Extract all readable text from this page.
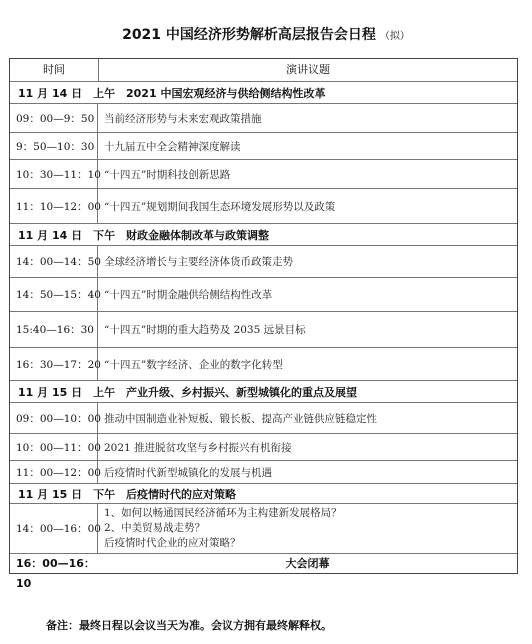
2021 中国经济形势解析高层报告会日程 （拟）
时间	演讲议题
11 月 14 日　上午 2021 中国宏观经济与供给侧结构性改革
09：00—9：50 当前经济形势与未来宏观政策措施
9：50—10：30 十九届五中全会精神深度解读
10：30—11：10 “十四五”时期科技创新思路
11：10—12：00 “十四五”规划期间我国生态环境发展形势以及政策
11 月 14 日　下午 财政金融体制改革与政策调整
14：00—14：50 全球经济增长与主要经济体货币政策走势
14：50—15：40 “十四五”时期金融供给侧结构性改革
15:40—16：30 “十四五”时期的重大趋势及 2035 远景目标
16：30—17：20 “十四五”数字经济、企业的数字化转型
11 月 15 日　上午 产业升级、乡村振兴、新型城镇化的重点及展望
09：00—10：00 推动中国制造业补短板、锻长板、提高产业链供应链稳定性
10：00—11：00 2021 推进脱贫攻坚与乡村振兴有机衔接
11：00—12：00 后疫情时代新型城镇化的发展与机遇
11 月 15 日　下午 后疫情时代的应对策略
14：00—16：00
1、如何以畅通国民经济循环为主构建新发展格局？
2、中美贸易战走势？
后疫情时代企业的应对策略？
16：00—16：10
大会闭幕
备注：最终日程以会议当天为准。会议方拥有最终解释权。
